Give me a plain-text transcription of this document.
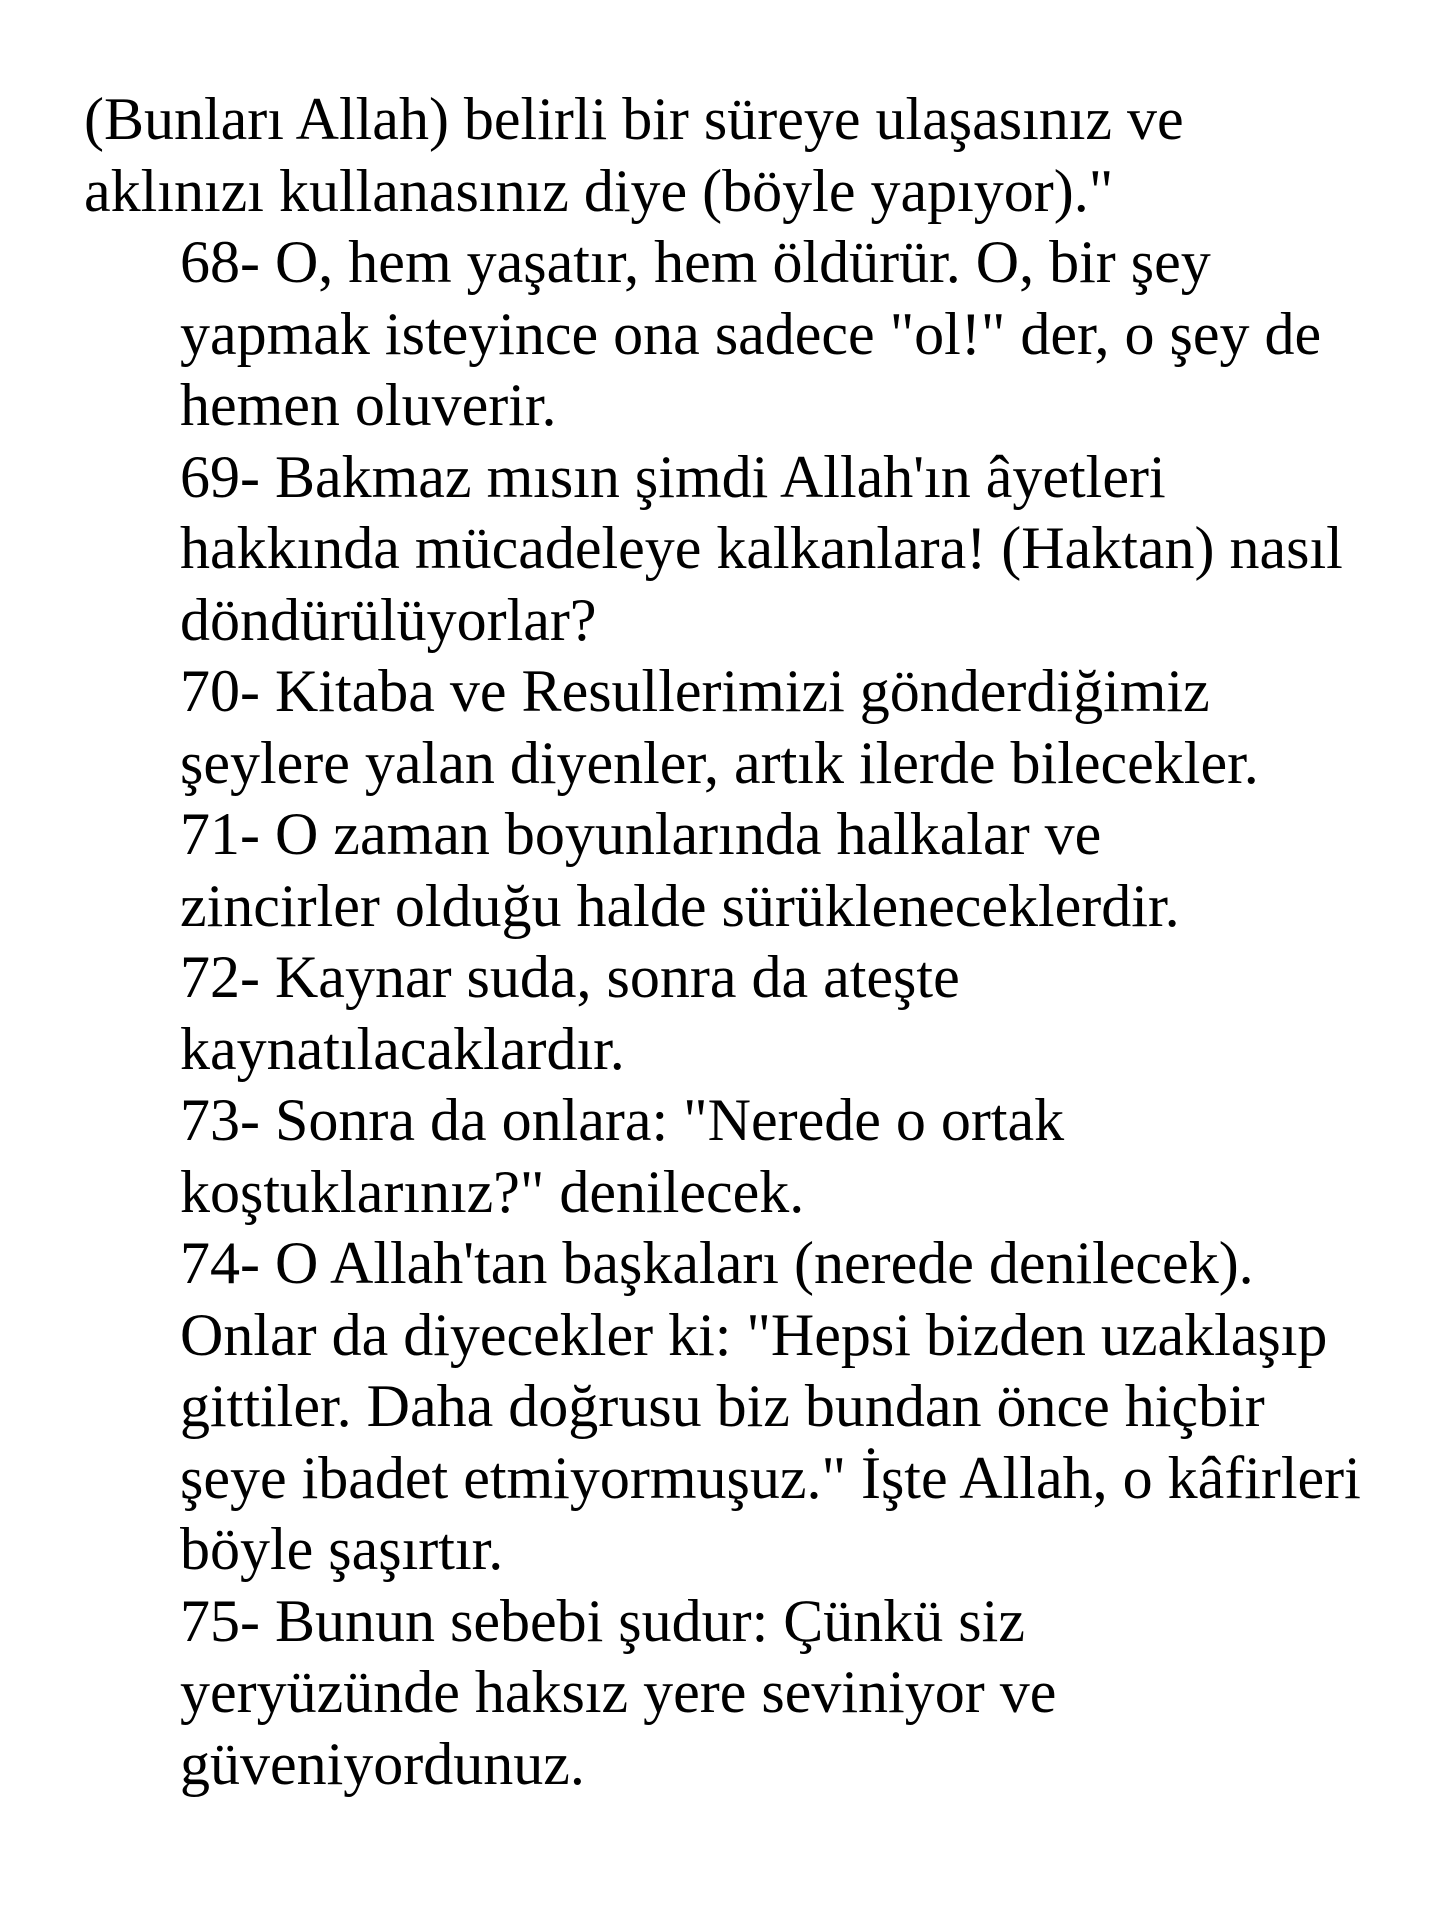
(Bunları Allah) belirli bir süreye ulaşasınız ve
aklınızı kullanasınız diye (böyle yapıyor)."

68- O, hem yaşatır, hem öldürür. O, bir şey
yapmak isteyince ona sadece "ol!" der, o şey de
hemen oluverir.

69- Bakmaz mısın şimdi Allah'ın âyetleri
hakkında mücadeleye kalkanlara! (Haktan) nasıl
döndürülüyorlar?

70- Kitaba ve Resullerimizi gönderdiğimiz
şeylere yalan diyenler, artık ilerde bilecekler.

71- O zaman boyunlarında halkalar ve
zincirler olduğu halde sürükleneceklerdir.

72- Kaynar suda, sonra da ateşte
kaynatılacaklardır.

73- Sonra da onlara: "Nerede o ortak
koştuklarınız?" denilecek.

74- O Allah'tan başkaları (nerede denilecek).
Onlar da diyecekler ki: "Hepsi bizden uzaklaşıp
gittiler. Daha doğrusu biz bundan önce hiçbir
şeye ibadet etmiyormuşuz." İşte Allah, o kâfirleri
böyle şaşırtır.

75- Bunun sebebi şudur: Çünkü siz
yeryüzünde haksız yere seviniyor ve
güveniyordunuz.
